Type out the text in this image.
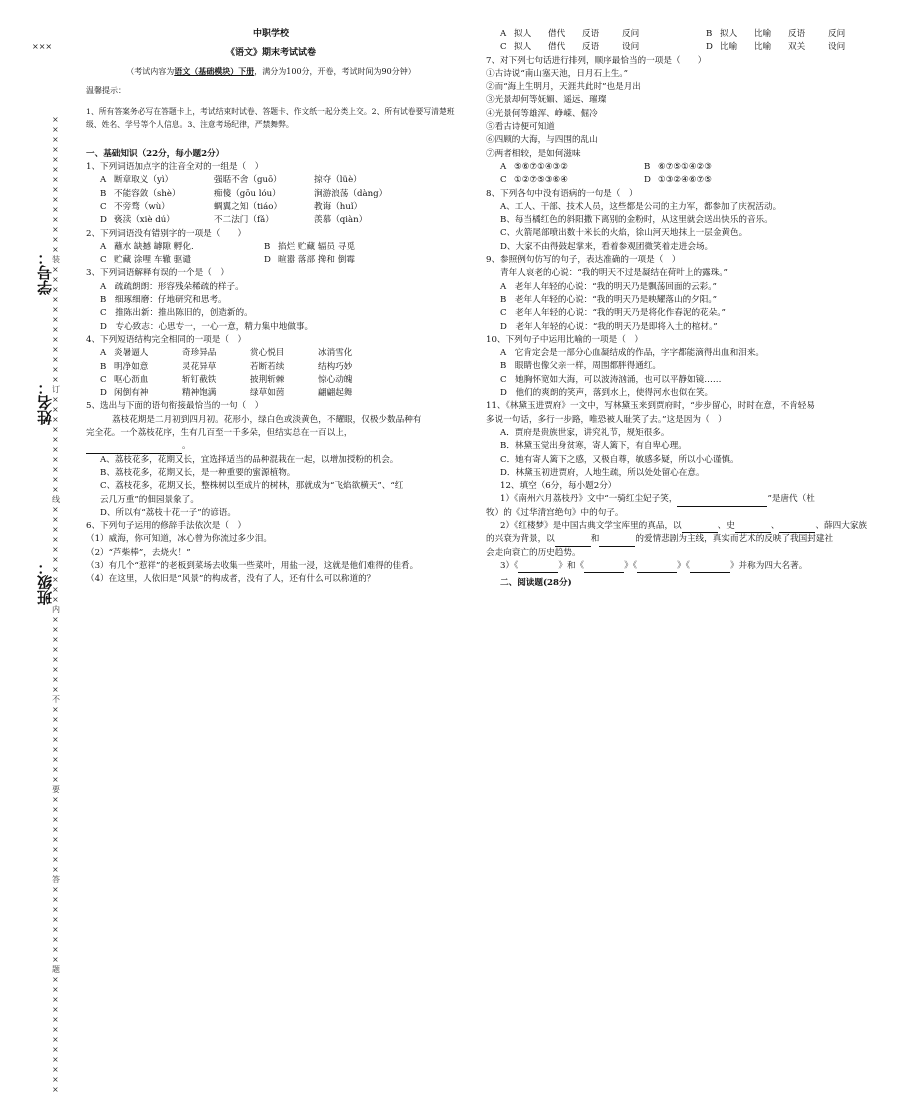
×××
××××××××××××××装××××××××××××订××××××××××线××××××××××内××××××××不××××××××要××××××××答××××××××题××××××××××××
学号：
姓名：
班级：
中职学校
《语文》期末考试试卷
（考试内容为语文（基础模块）下册，满分为100分，开卷，考试时间为90分钟）
温馨提示：
1、所有答案务必写在答题卡上，考试结束时试卷、答题卡、作文纸一起分类上交。2、所有试卷要写清楚班
级、姓名、学号等个人信息。3、注意考场纪律，严禁舞弊。
一、基础知识（22分，每小题2分）
1、下列词语加点字的注音全对的一组是（　）
A 断章取义（yì）	强聒不舍（guō）	掠夺（lüè）
B 不能容敛（shè）	痴傻（gōu lóu）	涧游浪荡（dàng）
C 不旁骛（wù）	蜩翼之知（tiáo）	教诲（huǐ）
D 亵渎（xiè dú）	不二法门（fǎ）	羡慕（qiàn）
2、下列词语没有错别字的一项是（　　）
A 蘸水 缺撼 罅隙 孵化.	B 掐烂 贮藏 辐员 寻觅
C 贮藏 涂哩 车辙 驱谴	D 暄嚣 落部 搀和 倒霉
3、下列词语解释有误的一个是（　）
A　疏疏朗朗：形容残朵稀疏的样子。
B　细琢细磨：仔地研究和思考。
C　推陈出新：推出陈旧的，创造新的。
D　专心致志：心思专一，一心一意，精力集中地做事。
4、下列短语结构完全相同的一项是（　）
A 炎暑逼人	奇珍异品	赏心悦目	冰消雪化
B 明净如意	灵花异草	若断若续	结构巧妙
C 呕心沥血	斩钉截铁	披荆斩棘	惊心动魄
D 闲倒有神	精神饱满	绿草如茵	翩翩起舞
5、选出与下面的语句衔接最恰当的一句（　）
荔枝花期是二月初到四月初。花形小，绿白色或淡黄色，不耀眼，仅极少数品种有
完全花。一个荔枝花序，生有几百至一千多朵，但结实总在一百以上，
。
A、荔枝花多，花期又长，宜选择适当的品种混栽在一起，以增加授粉的机会。
B、荔枝花多，花期又长，是一种重要的蜜源植物。
C、荔枝花多，花期又长，整株树以至成片的树林，那就成为“飞焰欲横天”、“红
云几万重”的佃园景象了。
D、所以有“荔枝十花一子”的谚语。
6、下列句子运用的修辞手法依次是（　）
（1）威海，你可知道，冰心曾为你流过多少泪。
（2）“芦柴棒”，去烧火！”
（3）有几个“惹祥”的老板到菜场去收集一些菜叶，用盐一浸，这就是他们难得的佳肴。
（4）在这里，人依旧是“风景”的构成者，没有了人，还有什么可以称道的？
A 拟人	借代	反语	反问
C 拟人	借代	反语	设问
B 拟人	比喻	反语	反问
D 比喻	比喻	双关	设问
7、对下列七句话进行排列，顺序最恰当的一项是（　　）
①古诗说“南山塞天池，日月石上生。”
②而“海上生明月，天涯共此时”也是月出
③光景却何等妩媚、遥远、璀璨
④光景何等雄浑、峥嵘、倔冷
⑤看古诗便可知道
⑥四顾的大海，与四围的乱山
⑦两者相较，是如何滋味
A ⑤⑥⑦①④③②	B ⑥⑦⑤①④②③
C ①②⑦⑤③⑥④	D ①③②④⑥⑦⑤
8、下列各句中没有语病的一句是（　）
A、工人、干部、技术人员，这些都是公司的主力军，都参加了庆祝活动。
B、每当橘红色的斜阳撒下离别的金粉时，从这里就会送出快乐的音乐。
C、火箭尾部喷出数十米长的火焰，徐山河天地抹上一层金黄色。
D、大家不由得鼓起掌来，看着参观团微笑着走进会场。
9、参照例句仿写的句子，表达准确的一项是（　）
青年人哀老的心说：“我的明天不过是凝结在荷叶上的露珠。”
A　老年人年轻的心说：“我的明天乃是飘荡回面的云彩。”
B　老年人年轻的心说：“我的明天乃是映耀落山的夕阳。”
C　老年人年轻的心说：“我的明天乃是将化作春泥的花朵。”
D　老年人年轻的心说：“我的明天乃是即将入土的棺材。”
10、下列句子中运用比喻的一项是（　）
A　它肯定会是一部分心血凝结成的作品，字字都能滴得出血和泪来。
B　眼睛也像父亲一样，周围都胖得通红。
C　她胸怀宽如大海，可以波涛汹涌，也可以平静如镜……
D　他们的爽朗的笑声，落到水上，使得河水也似在笑。
11、《林黛玉进贾府》一文中，写林黛玉来到贾府时，“步步留心，时时在意，不肯轻易
多说一句话，多行一步路，唯恐被人耻笑了去。”这是因为（　）
A．贾府是贵族世家，讲究礼节，规矩很多。
B．林黛玉觉出身贫寒，寄人篱下，有自卑心理。
C．她有寄人篱下之感，又极自尊，敏感多疑，所以小心谨慎。
D．林黛玉初进贾府，人地生疏，所以处处留心在意。
12、填空（6分，每小题2分）
1）《南州六月荔枝丹》文中“一骑红尘妃子笑，	”是唐代（杜
牧）的《过华清宫绝句》中的句子。
2）《红楼梦》是中国古典文学宝库里的真品，以	、史	、	、薛四大家族
的兴衰为背景，以	和	的爱情悲剧为主线，真实而艺术的反映了我国封建社
会走向衰亡的历史趋势。
3）《	》和《	》《	》《	》并称为四大名著。
二、阅读题(28分)
